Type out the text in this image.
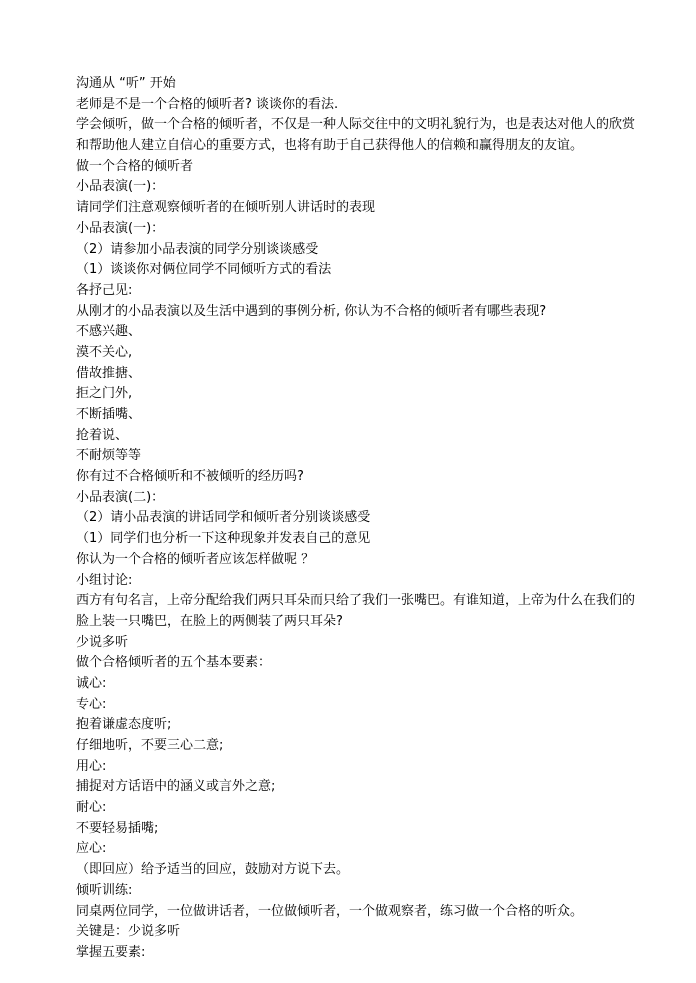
沟通从 “听” 开始
老师是不是一个合格的倾听者? 谈谈你的看法.
学会倾听，做一个合格的倾听者，不仅是一种人际交往中的文明礼貌行为，也是表达对他人的欣赏
和帮助他人建立自信心的重要方式，也将有助于自己获得他人的信赖和赢得朋友的友谊。
做一个合格的倾听者
小品表演(一)：
请同学们注意观察倾听者的在倾听别人讲话时的表现
小品表演(一)：
（2）请参加小品表演的同学分别谈谈感受
（1）谈谈你对俩位同学不同倾听方式的看法
各抒己见:
从刚才的小品表演以及生活中遇到的事例分析, 你认为不合格的倾听者有哪些表现?
不感兴趣、
漠不关心,
借故推搪、
拒之门外,
不断插嘴、
抢着说、
不耐烦等等
你有过不合格倾听和不被倾听的经历吗?
小品表演(二)：
（2）请小品表演的讲话同学和倾听者分别谈谈感受
（1）同学们也分析一下这种现象并发表自己的意见
你认为一个合格的倾听者应该怎样做呢 ？
小组讨论:
西方有句名言，上帝分配给我们两只耳朵而只给了我们一张嘴巴。有谁知道，上帝为什么在我们的
脸上装一只嘴巴，在脸上的两侧装了两只耳朵?
少说多听
做个合格倾听者的五个基本要素：
诚心:
专心:
抱着谦虚态度听;
仔细地听，不要三心二意;
用心:
捕捉对方话语中的涵义或言外之意;
耐心:
不要轻易插嘴;
应心:
（即回应）给予适当的回应，鼓励对方说下去。
倾听训练:
同桌两位同学，一位做讲话者，一位做倾听者，一个做观察者，练习做一个合格的听众。
关键是：少说多听
掌握五要素:
